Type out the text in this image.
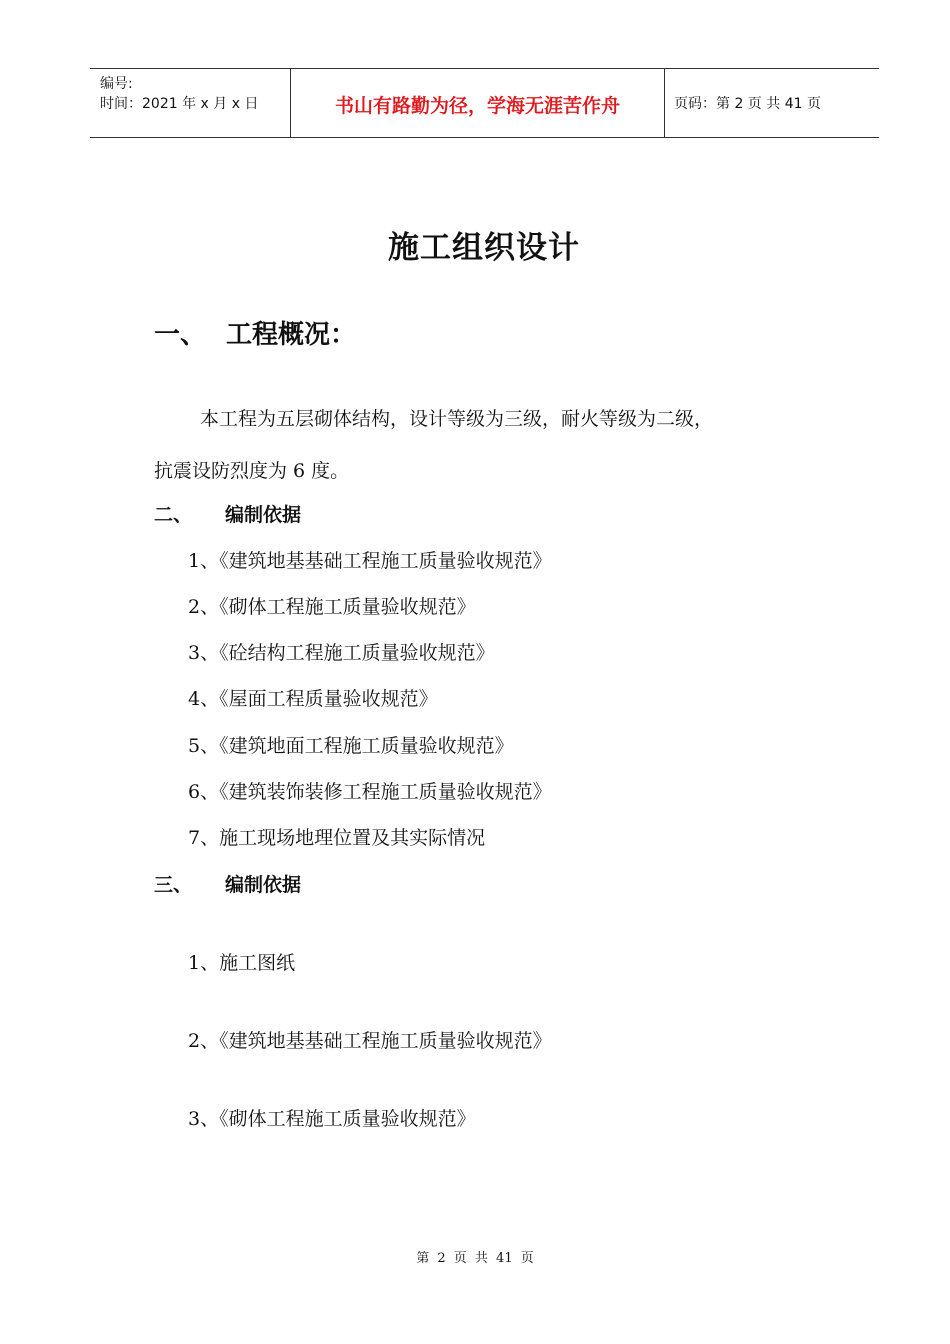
编号:
时间：2021 年 x 月 x 日	书山有路勤为径，学海无涯苦作舟	页码：第 2 页 共 41 页
施工组织设计
一、 工程概况：
本工程为五层砌体结构，设计等级为三级，耐火等级为二级，
抗震设防烈度为 6 度。
二、 编制依据
1、《建筑地基基础工程施工质量验收规范》
2、《砌体工程施工质量验收规范》
3、《砼结构工程施工质量验收规范》
4、《屋面工程质量验收规范》
5、《建筑地面工程施工质量验收规范》
6、《建筑装饰装修工程施工质量验收规范》
7、施工现场地理位置及其实际情况
三、 编制依据
1、施工图纸
2、《建筑地基基础工程施工质量验收规范》
3、《砌体工程施工质量验收规范》
第 2 页 共 41 页
